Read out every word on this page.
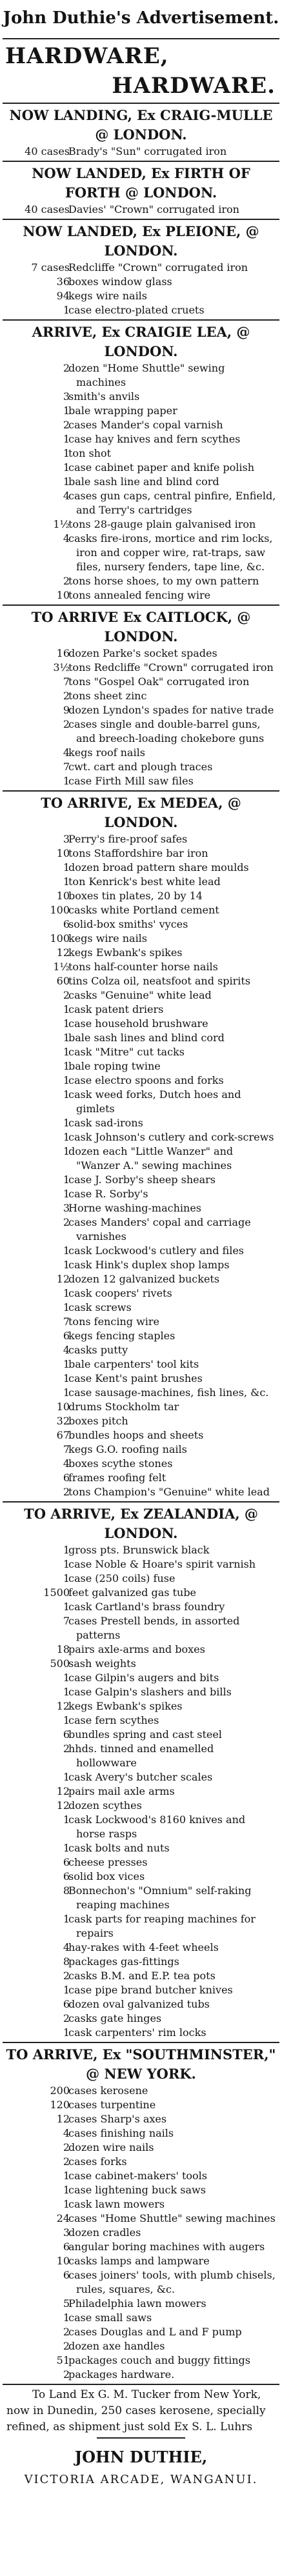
John Duthie's Advertisement.
HARDWARE,
HARDWARE.
NOW LANDING, Ex CRAIG-MULLE @ LONDON.
40 cases
Brady's "Sun" corrugated iron
NOW LANDED, Ex FIRTH OF FORTH @ LONDON.
40 cases
Davies' "Crown" corrugated iron
NOW LANDED, Ex PLEIONE, @ LONDON.
7 cases
Redcliffe "Crown" corrugated iron
36
boxes window glass
94
kegs wire nails
1
case electro-plated cruets
ARRIVE, Ex CRAIGIE LEA, @ LONDON.
2
dozen "Home Shuttle" sewing machines
3
smith's anvils
1
bale wrapping paper
2
cases Mander's copal varnish
1
case hay knives and fern scythes
1
ton shot
1
case cabinet paper and knife polish
1
bale sash line and blind cord
4
cases gun caps, central pinfire, Enfield, and Terry's cartridges
1½
tons 28-gauge plain galvanised iron
4
casks fire-irons, mortice and rim locks, iron and copper wire, rat-traps, saw files, nursery fenders, tape line, &c.
2
tons horse shoes, to my own pattern
10
tons annealed fencing wire
TO ARRIVE Ex CAITLOCK, @ LONDON.
16
dozen Parke's socket spades
3½
tons Redcliffe "Crown" corrugated iron
7
tons "Gospel Oak" corrugated iron
2
tons sheet zinc
9
dozen Lyndon's spades for native trade
2
cases single and double-barrel guns, and breech-loading chokebore guns
4
kegs roof nails
7
cwt. cart and plough traces
1
case Firth Mill saw files
TO ARRIVE, Ex MEDEA, @ LONDON.
3
Perry's fire-proof safes
10
tons Staffordshire bar iron
1
dozen broad pattern share moulds
1
ton Kenrick's best white lead
10
boxes tin plates, 20 by 14
100
casks white Portland cement
6
solid-box smiths' vyces
100
kegs wire nails
12
kegs Ewbank's spikes
1½
tons half-counter horse nails
60
tins Colza oil, neatsfoot and spirits
2
casks "Genuine" white lead
1
cask patent driers
1
case household brushware
1
bale sash lines and blind cord
1
cask "Mitre" cut tacks
1
bale roping twine
1
case electro spoons and forks
1
cask weed forks, Dutch hoes and gimlets
1
cask sad-irons
1
cask Johnson's cutlery and cork-screws
1
dozen each "Little Wanzer" and "Wanzer A." sewing machines
1
case J. Sorby's sheep shears
1
case R. Sorby's
3
Horne washing-machines
2
cases Manders' copal and carriage varnishes
1
cask Lockwood's cutlery and files
1
cask Hink's duplex shop lamps
12
dozen 12 galvanized buckets
1
cask coopers' rivets
1
cask screws
7
tons fencing wire
6
kegs fencing staples
4
casks putty
1
bale carpenters' tool kits
1
case Kent's paint brushes
1
case sausage-machines, fish lines, &c.
10
drums Stockholm tar
32
boxes pitch
67
bundles hoops and sheets
7
kegs G.O. roofing nails
4
boxes scythe stones
6
frames roofing felt
2
tons Champion's "Genuine" white lead
TO ARRIVE, Ex ZEALANDIA, @ LONDON.
1
gross pts. Brunswick black
1
case Noble & Hoare's spirit varnish
1
case (250 coils) fuse
1500
feet galvanized gas tube
1
cask Cartland's brass foundry
7
cases Prestell bends, in assorted patterns
18
pairs axle-arms and boxes
500
sash weights
1
case Gilpin's augers and bits
1
case Galpin's slashers and bills
12
kegs Ewbank's spikes
1
case fern scythes
6
bundles spring and cast steel
2
hhds. tinned and enamelled hollowware
1
cask Avery's butcher scales
12
pairs mail axle arms
12
dozen scythes
1
cask Lockwood's 8160 knives and horse rasps
1
cask bolts and nuts
6
cheese presses
6
solid box vices
8
Bonnechon's "Omnium" self-raking reaping machines
1
cask parts for reaping machines for repairs
4
hay-rakes with 4-feet wheels
8
packages gas-fittings
2
casks B.M. and E.P. tea pots
1
case pipe brand butcher knives
6
dozen oval galvanized tubs
2
casks gate hinges
1
cask carpenters' rim locks
TO ARRIVE, Ex "SOUTHMINSTER," @ NEW YORK.
200
cases kerosene
120
cases turpentine
12
cases Sharp's axes
4
cases finishing nails
2
dozen wire nails
2
cases forks
1
case cabinet-makers' tools
1
case lightening buck saws
1
cask lawn mowers
24
cases "Home Shuttle" sewing machines
3
dozen cradles
6
angular boring machines with augers
10
casks lamps and lampware
6
cases joiners' tools, with plumb chisels, rules, squares, &c.
5
Philadelphia lawn mowers
1
case small saws
2
cases Douglas and L and F pump
2
dozen axe handles
51
packages couch and buggy fittings
2
packages hardware.
To Land Ex G. M. Tucker from New York, now in Dunedin, 250 cases kerosene, specially refined, as shipment just sold Ex S. L. Luhrs
JOHN DUTHIE,
VICTORIA ARCADE, WANGANUI.
